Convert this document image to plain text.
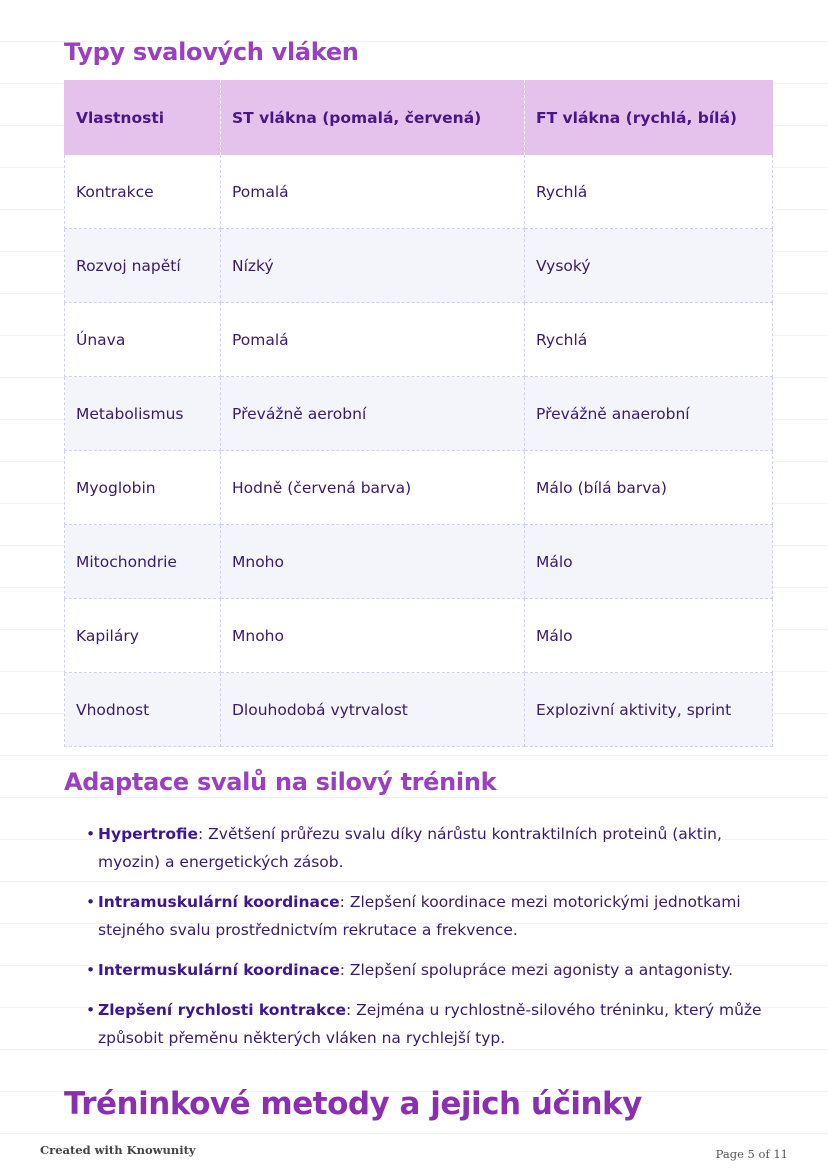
Typy svalových vláken
Vlastnosti	ST vlákna (pomalá, červená)	FT vlákna (rychlá, bílá)
Kontrakce	Pomalá	Rychlá
Rozvoj napětí	Nízký	Vysoký
Únava	Pomalá	Rychlá
Metabolismus	Převážně aerobní	Převážně anaerobní
Myoglobin	Hodně (červená barva)	Málo (bílá barva)
Mitochondrie	Mnoho	Málo
Kapiláry	Mnoho	Málo
Vhodnost	Dlouhodobá vytrvalost	Explozivní aktivity, sprint
Adaptace svalů na silový trénink
• Hypertrofie: Zvětšení průřezu svalu díky nárůstu kontraktilních proteinů (aktin, myozin) a energetických zásob.
• Intramuskulární koordinace: Zlepšení koordinace mezi motorickými jednotkami stejného svalu prostřednictvím rekrutace a frekvence.
• Intermuskulární koordinace: Zlepšení spolupráce mezi agonisty a antagonisty.
• Zlepšení rychlosti kontrakce: Zejména u rychlostně-silového tréninku, který může způsobit přeměnu některých vláken na rychlejší typ.
Tréninkové metody a jejich účinky
Created with Knowunity	Page 5 of 11
